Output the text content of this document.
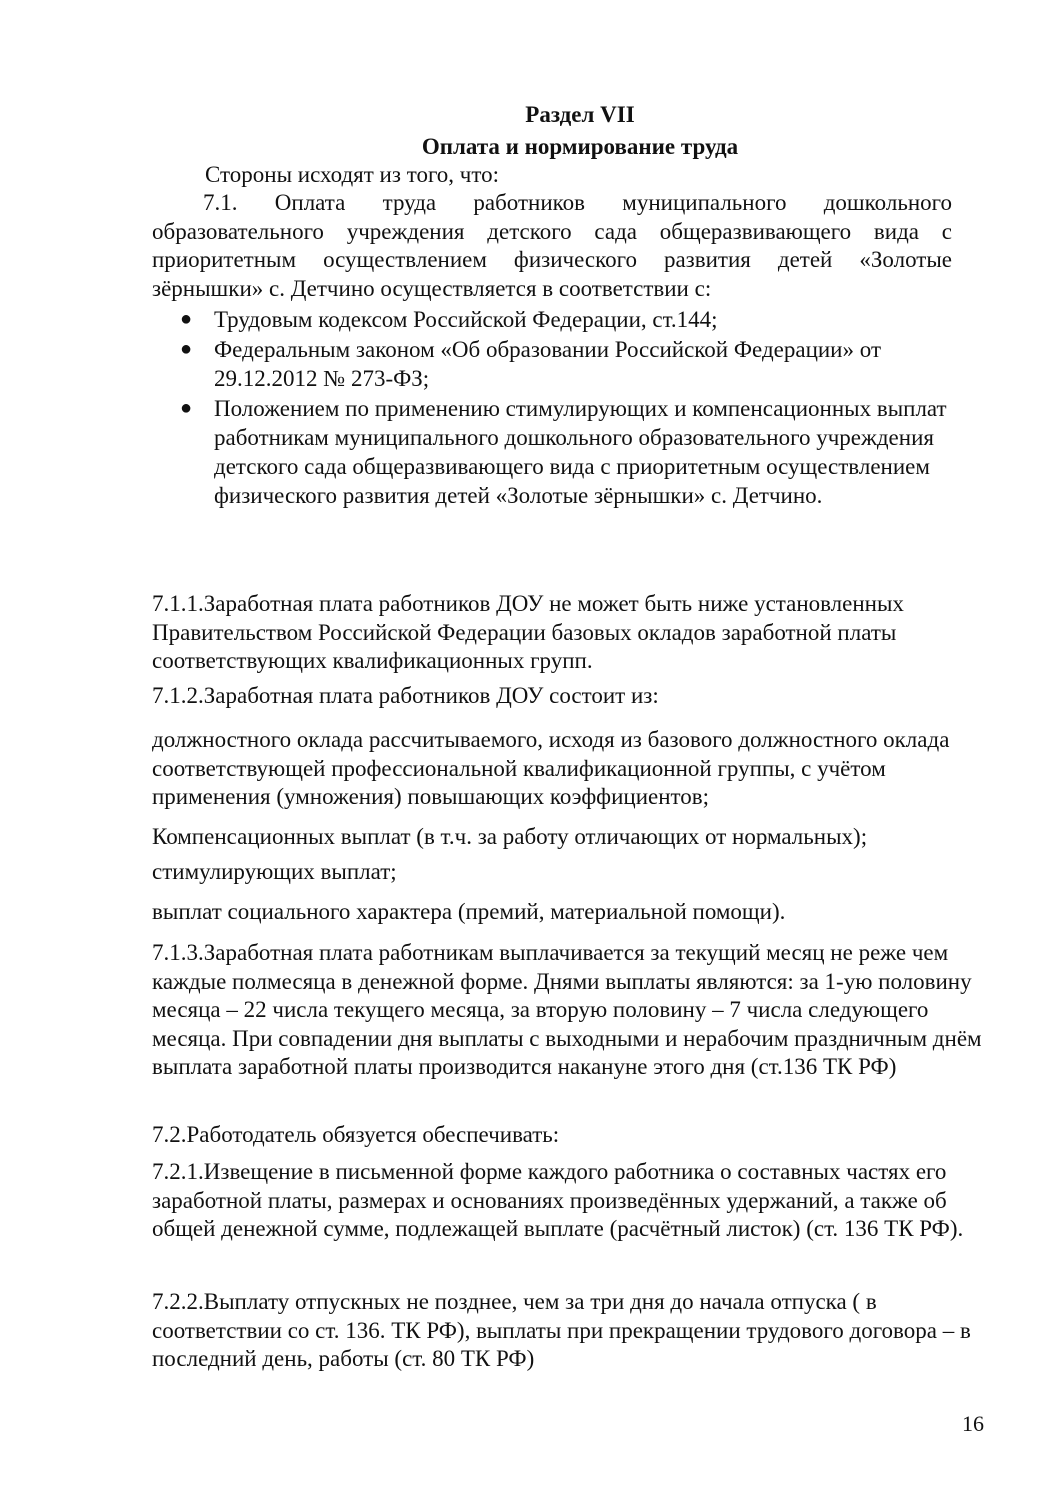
Раздел VII
Оплата и нормирование труда
Стороны исходят из того, что:
7.1. Оплата труда работников муниципального дошкольного образовательного учреждения детского сада общеразвивающего вида с приоритетным осуществлением физического развития детей «Золотые зёрнышки» с. Детчино осуществляется в соответствии с:
● Трудовым кодексом Российской Федерации, ст.144;
● Федеральным законом «Об образовании Российской Федерации» от 29.12.2012 № 273-ФЗ;
● Положением по применению стимулирующих и компенсационных выплат работникам муниципального дошкольного образовательного учреждения детского сада общеразвивающего вида с приоритетным осуществлением физического развития детей «Золотые зёрнышки» с. Детчино.
7.1.1.Заработная плата работников ДОУ не может быть ниже установленных Правительством Российской Федерации базовых окладов заработной платы соответствующих квалификационных групп.
7.1.2.Заработная плата работников ДОУ состоит из:
должностного оклада рассчитываемого, исходя из базового должностного оклада соответствующей профессиональной квалификационной группы, с учётом применения (умножения) повышающих коэффициентов;
Компенсационных выплат (в т.ч. за работу отличающих от нормальных);
стимулирующих выплат;
выплат социального характера (премий, материальной помощи).
7.1.3.Заработная плата работникам выплачивается за текущий месяц не реже чем каждые полмесяца в денежной форме. Днями выплаты являются: за 1-ую половину месяца – 22 числа текущего месяца, за вторую половину – 7 числа следующего месяца. При совпадении дня выплаты с выходными и нерабочим праздничным днём выплата заработной платы производится накануне этого дня (ст.136 ТК РФ)
7.2.Работодатель обязуется обеспечивать:
7.2.1.Извещение в письменной форме каждого работника о составных частях его заработной платы, размерах и основаниях произведённых удержаний, а также об общей денежной сумме, подлежащей выплате (расчётный листок) (ст. 136 ТК РФ).
7.2.2.Выплату отпускных не позднее, чем за три дня до начала отпуска ( в соответствии со ст. 136. ТК РФ), выплаты при прекращении трудового договора – в последний день, работы (ст. 80 ТК РФ)
16
